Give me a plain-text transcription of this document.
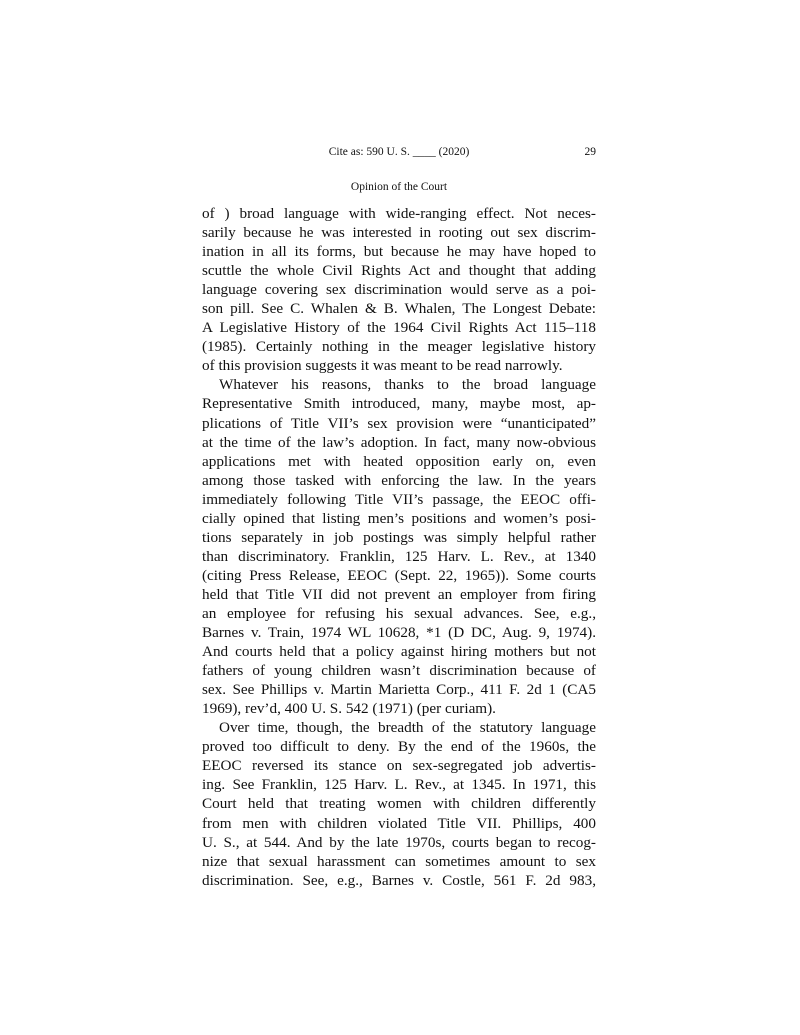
Cite as: 590 U. S. ____ (2020)	29
Opinion of the Court
of ) broad language with wide-ranging effect. Not neces-
sarily because he was interested in rooting out sex discrim-
ination in all its forms, but because he may have hoped to
scuttle the whole Civil Rights Act and thought that adding
language covering sex discrimination would serve as a poi-
son pill. See C. Whalen & B. Whalen, The Longest Debate:
A Legislative History of the 1964 Civil Rights Act 115–118
(1985). Certainly nothing in the meager legislative history
of this provision suggests it was meant to be read narrowly.
Whatever his reasons, thanks to the broad language
Representative Smith introduced, many, maybe most, ap-
plications of Title VII’s sex provision were “unanticipated”
at the time of the law’s adoption. In fact, many now-obvious
applications met with heated opposition early on, even
among those tasked with enforcing the law. In the years
immediately following Title VII’s passage, the EEOC offi-
cially opined that listing men’s positions and women’s posi-
tions separately in job postings was simply helpful rather
than discriminatory. Franklin, 125 Harv. L. Rev., at 1340
(citing Press Release, EEOC (Sept. 22, 1965)). Some courts
held that Title VII did not prevent an employer from firing
an employee for refusing his sexual advances. See, e.g.,
Barnes v. Train, 1974 WL 10628, *1 (D DC, Aug. 9, 1974).
And courts held that a policy against hiring mothers but not
fathers of young children wasn’t discrimination because of
sex. See Phillips v. Martin Marietta Corp., 411 F. 2d 1 (CA5
1969), rev’d, 400 U. S. 542 (1971) (per curiam).
Over time, though, the breadth of the statutory language
proved too difficult to deny. By the end of the 1960s, the
EEOC reversed its stance on sex-segregated job advertis-
ing. See Franklin, 125 Harv. L. Rev., at 1345. In 1971, this
Court held that treating women with children differently
from men with children violated Title VII. Phillips, 400
U. S., at 544. And by the late 1970s, courts began to recog-
nize that sexual harassment can sometimes amount to sex
discrimination. See, e.g., Barnes v. Costle, 561 F. 2d 983,
